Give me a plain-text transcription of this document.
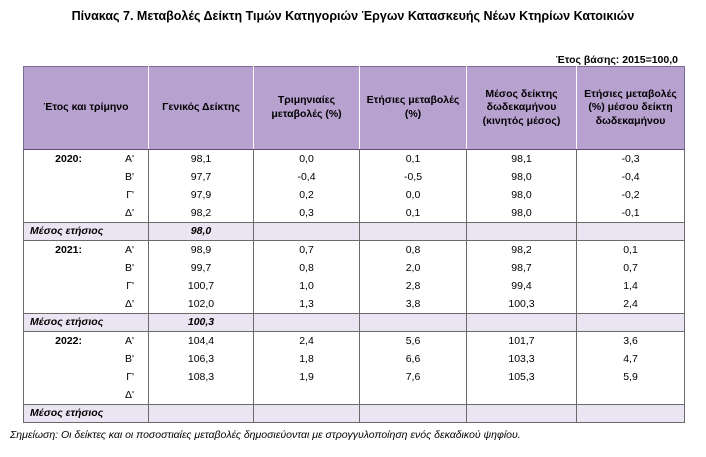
Πίνακας 7. Μεταβολές Δείκτη Τιμών Κατηγοριών Έργων Κατασκευής Νέων Κτηρίων Κατοικιών
Έτος βάσης: 2015=100,0
Έτος και τρίμηνο	Γενικός Δείκτης	Τριμηνιαίες μεταβολές (%)	Ετήσιες μεταβολές (%)	Μέσος δείκτης δωδεκαμήνου (κινητός μέσος)	Ετήσιες μεταβολές (%) μέσου δείκτη δωδεκαμήνου

2020: Α'	98,1	0,0	0,1	98,1	-0,3

Β'	97,7	-0,4	-0,5	98,0	-0,4

Γ'	97,9	0,2	0,0	98,0	-0,2

Δ'	98,2	0,3	0,1	98,0	-0,1
Μέσος ετήσιος	98,0				

2021: Α'	98,9	0,7	0,8	98,2	0,1

Β'	99,7	0,8	2,0	98,7	0,7

Γ'	100,7	1,0	2,8	99,4	1,4

Δ'	102,0	1,3	3,8	100,3	2,4
Μέσος ετήσιος	100,3				

2022: Α'	104,4	2,4	5,6	101,7	3,6

Β'	106,3	1,8	6,6	103,3	4,7

Γ'	108,3	1,9	7,6	105,3	5,9

Δ'					

Μέσος ετήσιος					
Σημείωση: Οι δείκτες και οι ποσοστιαίες μεταβολές δημοσιεύονται με στρογγυλοποίηση ενός δεκαδικού ψηφίου.
